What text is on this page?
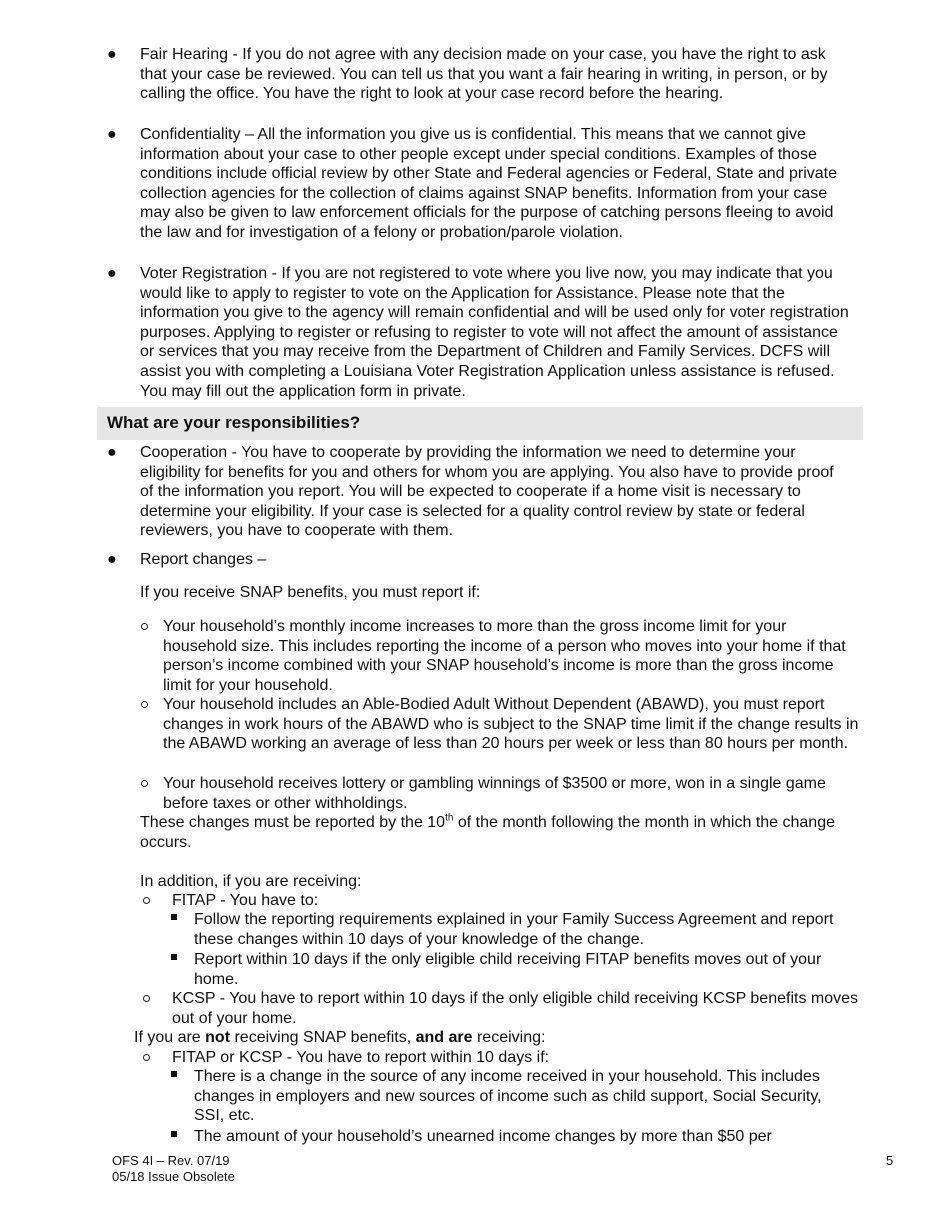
● Fair Hearing - If you do not agree with any decision made on your case, you have the right to ask that your case be reviewed. You can tell us that you want a fair hearing in writing, in person, or by calling the office. You have the right to look at your case record before the hearing.
● Confidentiality – All the information you give us is confidential. This means that we cannot give information about your case to other people except under special conditions. Examples of those conditions include official review by other State and Federal agencies or Federal, State and private collection agencies for the collection of claims against SNAP benefits. Information from your case may also be given to law enforcement officials for the purpose of catching persons fleeing to avoid the law and for investigation of a felony or probation/parole violation.
● Voter Registration - If you are not registered to vote where you live now, you may indicate that you would like to apply to register to vote on the Application for Assistance. Please note that the information you give to the agency will remain confidential and will be used only for voter registration purposes. Applying to register or refusing to register to vote will not affect the amount of assistance or services that you may receive from the Department of Children and Family Services. DCFS will assist you with completing a Louisiana Voter Registration Application unless assistance is refused. You may fill out the application form in private.
What are your responsibilities?
● Cooperation - You have to cooperate by providing the information we need to determine your eligibility for benefits for you and others for whom you are applying. You also have to provide proof of the information you report. You will be expected to cooperate if a home visit is necessary to determine your eligibility. If your case is selected for a quality control review by state or federal reviewers, you have to cooperate with them.
● Report changes –
If you receive SNAP benefits, you must report if:
Your household’s monthly income increases to more than the gross income limit for your household size. This includes reporting the income of a person who moves into your home if that person’s income combined with your SNAP household’s income is more than the gross income limit for your household.
Your household includes an Able-Bodied Adult Without Dependent (ABAWD), you must report changes in work hours of the ABAWD who is subject to the SNAP time limit if the change results in the ABAWD working an average of less than 20 hours per week or less than 80 hours per month.
Your household receives lottery or gambling winnings of $3500 or more, won in a single game before taxes or other withholdings.
These changes must be reported by the 10th of the month following the month in which the change occurs.
In addition, if you are receiving:
FITAP - You have to:
Follow the reporting requirements explained in your Family Success Agreement and report these changes within 10 days of your knowledge of the change.
Report within 10 days if the only eligible child receiving FITAP benefits moves out of your home.
KCSP - You have to report within 10 days if the only eligible child receiving KCSP benefits moves out of your home.
If you are not receiving SNAP benefits, and are receiving:
FITAP or KCSP - You have to report within 10 days if:
There is a change in the source of any income received in your household. This includes changes in employers and new sources of income such as child support, Social Security, SSI, etc.
The amount of your household’s unearned income changes by more than $50 per
OFS 4I – Rev. 07/19
05/18 Issue Obsolete
5
